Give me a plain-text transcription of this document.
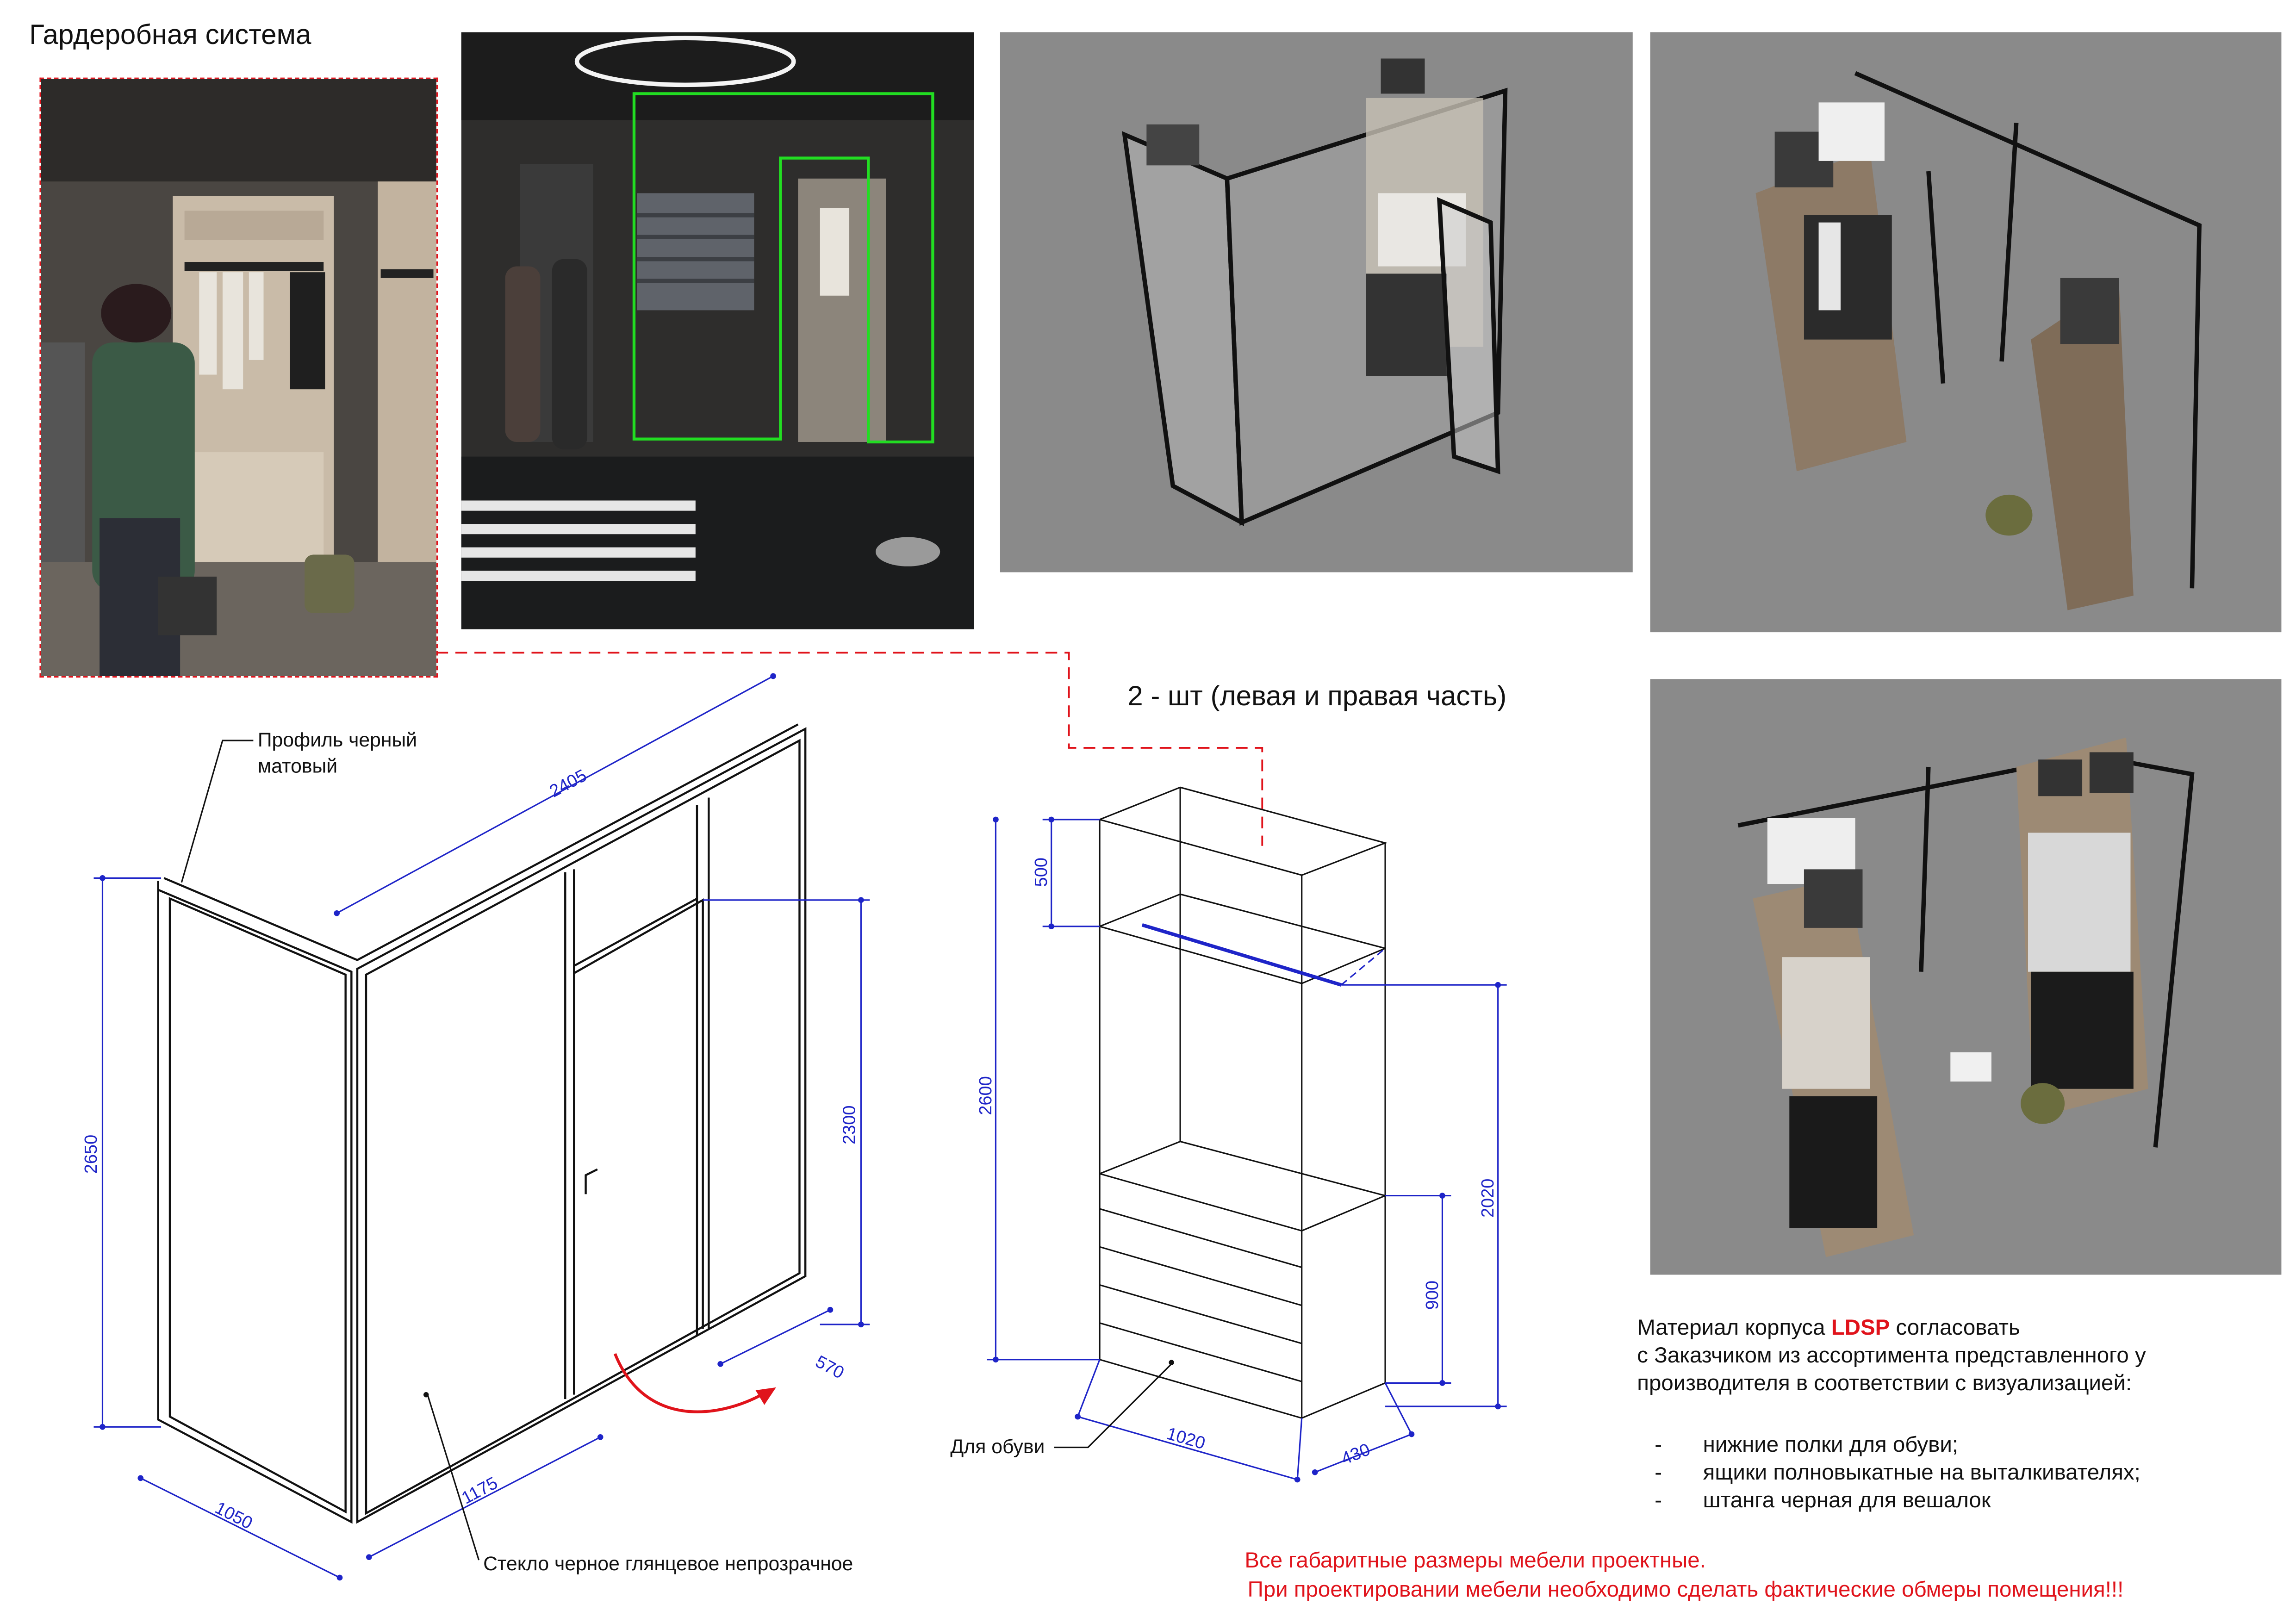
Гардеробная система
2 - шт (левая и правая часть)
2405
2650
2300
1050
1175
570
500
2600
2020
900
1020
430
Профиль черный
матовый
Стекло черное глянцевое непрозрачное
Для обуви
Материал корпуса LDSP согласовать
с Заказчиком из ассортимента представленного у
производителя в соответствии с визуализацией:
-	нижние полки для обуви;
-	ящики полновыкатные на выталкивателях;
-	штанга черная для вешалок
Все габаритные размеры мебели проектные.
При проектировании мебели необходимо сделать фактические обмеры помещения!!!
